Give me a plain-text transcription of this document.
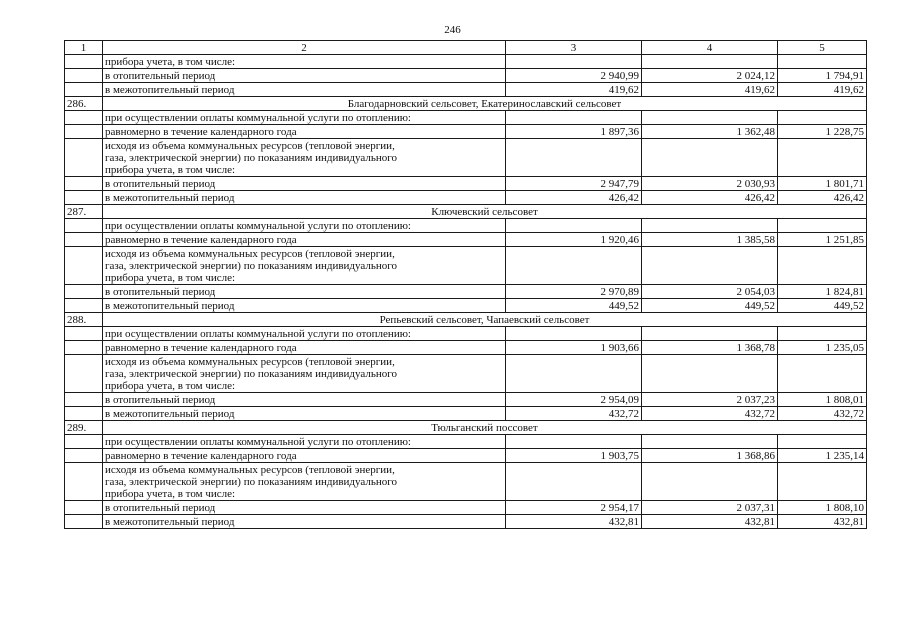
246
1	2	3	4	5
	прибора учета, в том числе:			
	в отопительный период	2 940,99	2 024,12	1 794,91
	в межотопительный период	419,62	419,62	419,62
286.	Благодарновский сельсовет, Екатеринославский сельсовет			
	при осуществлении оплаты коммунальной услуги по отоплению:			
	равномерно в течение календарного года	1 897,36	1 362,48	1 228,75

	исходя из объема коммунальных ресурсов (тепловой энергии,
газа, электрической энергии) по показаниям индивидуального
прибора учета, в том числе:			

	в отопительный период	2 947,79	2 030,93	1 801,71
	в межотопительный период	426,42	426,42	426,42
287.	Ключевский сельсовет			
	при осуществлении оплаты коммунальной услуги по отоплению:			
	равномерно в течение календарного года	1 920,46	1 385,58	1 251,85

	исходя из объема коммунальных ресурсов (тепловой энергии,
газа, электрической энергии) по показаниям индивидуального
прибора учета, в том числе:			

	в отопительный период	2 970,89	2 054,03	1 824,81
	в межотопительный период	449,52	449,52	449,52
288.	Репьевский сельсовет, Чапаевский сельсовет			
	при осуществлении оплаты коммунальной услуги по отоплению:			
	равномерно в течение календарного года	1 903,66	1 368,78	1 235,05

	исходя из объема коммунальных ресурсов (тепловой энергии,
газа, электрической энергии) по показаниям индивидуального
прибора учета, в том числе:			

	в отопительный период	2 954,09	2 037,23	1 808,01
	в межотопительный период	432,72	432,72	432,72
289.	Тюльганский поссовет			
	при осуществлении оплаты коммунальной услуги по отоплению:			
	равномерно в течение календарного года	1 903,75	1 368,86	1 235,14

	исходя из объема коммунальных ресурсов (тепловой энергии,
газа, электрической энергии) по показаниям индивидуального
прибора учета, в том числе:			

	в отопительный период	2 954,17	2 037,31	1 808,10
	в межотопительный период	432,81	432,81	432,81
